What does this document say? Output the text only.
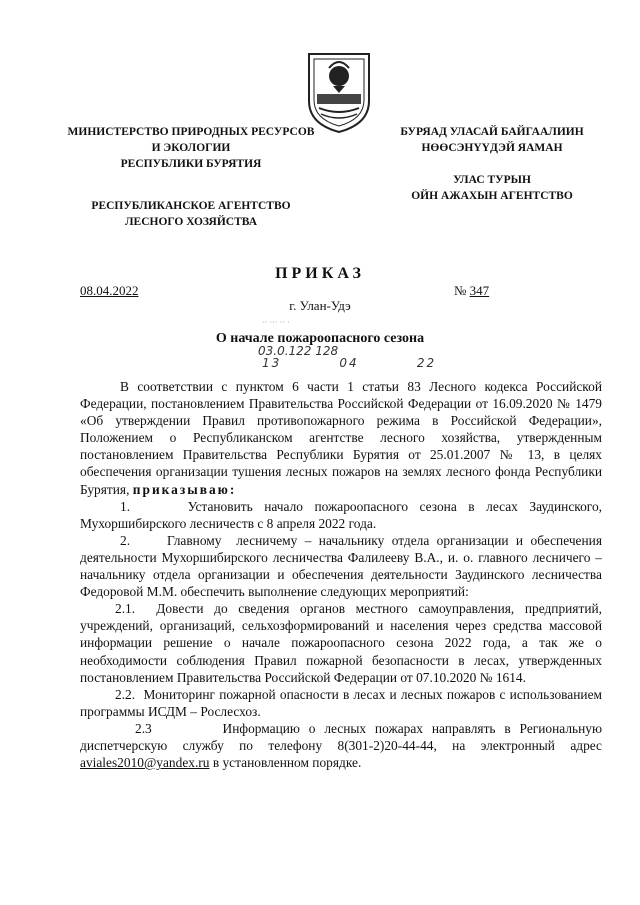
МИНИСТЕРСТВО ПРИРОДНЫХ РЕСУРСОВ
И ЭКОЛОГИИ
РЕСПУБЛИКИ БУРЯТИЯ
РЕСПУБЛИКАНСКОЕ АГЕНТСТВО
ЛЕСНОГО ХОЗЯЙСТВА
БУРЯАД УЛАСАЙ БАЙГААЛИИН
НӨӨСЭНҮҮДЭЙ ЯАМАН
УЛАС ТУРЫН
ОЙН АЖАХЫН АГЕНТСТВО
ПРИКАЗ
08.04.2022	№ 347
г. Улан-Удэ
·· ··· ·· ·
О начале пожароопасного сезона
03.0.122 128
13          04          22

В соответствии с пунктом 6 части 1 статьи 83 Лесного кодекса Российской Федерации, постановлением Правительства Российской Федерации от 16.09.2020 № 1479 «Об утверждении Правил противопожарного режима в Российской Федерации», Положением о Республиканском агентстве лесного хозяйства, утвержденным постановлением Правительства Республики Бурятия от 25.01.2007 № 13, в целях обеспечения организации тушения лесных пожаров на землях лесного фонда Республики Бурятия, приказываю:

1.     Установить начало пожароопасного сезона в лесах Заудинского, Мухоршибирского лесничеств с 8 апреля 2022 года.

2.     Главному  лесничему – начальнику отдела организации и обеспечения деятельности Мухоршибирского лесничества Фалилееву В.А., и. о. главного лесничего – начальнику отдела организации и обеспечения деятельности Заудинского лесничества Федоровой М.М. обеспечить выполнение следующих мероприятий:

2.1.  Довести до сведения органов местного самоуправления, предприятий, учреждений, организаций, сельхозформирований и населения через средства массовой информации решение о начале пожароопасного сезона 2022 года, а так же о необходимости соблюдения Правил пожарной безопасности в лесах, утвержденных постановлением Правительства Российской Федерации от 07.10.2020 № 1614.

2.2.  Мониторинг пожарной опасности в лесах и лесных пожаров с использованием программы ИСДМ – Рослесхоз.

2.3        Информацию о лесных пожарах направлять в Региональную диспетчерскую службу по телефону 8(301-2)20-44-44, на электронный адрес aviales2010@yandex.ru в установленном порядке.
